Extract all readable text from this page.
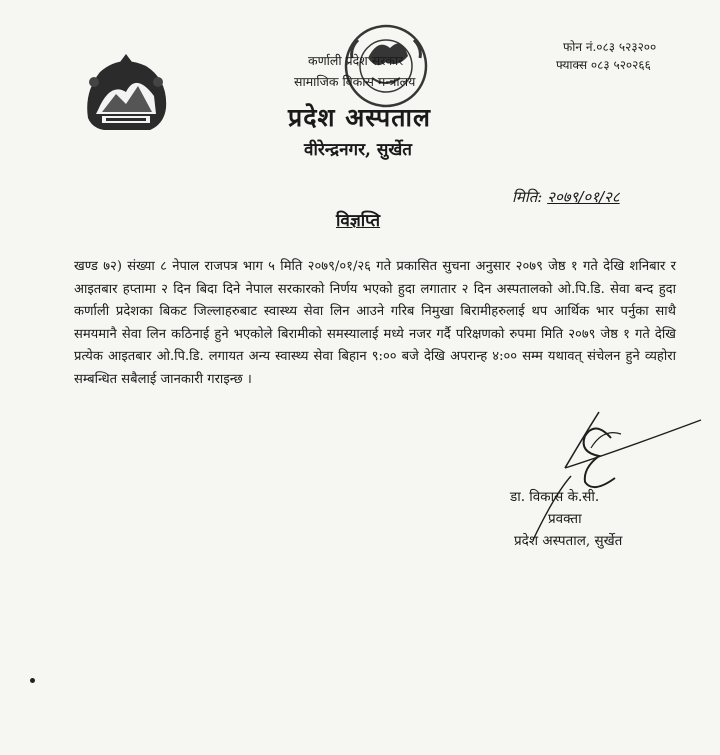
कर्णाली प्रदेश सरकार
सामाजिक विकास मन्त्रालय
फोन नं.०८३ ५२३२००
फ्याक्स ०८३ ५२०२६६
प्रदेश अस्पताल
वीरेन्द्रनगर, सुर्खेत
मिति: २०७९/०१/२८
विज्ञप्ति
खण्ड ७२) संख्या ८ नेपाल राजपत्र भाग ५ मिति २०७९/०१/२६ गते प्रकासित सुचना अनुसार २०७९ जेष्ठ १ गते देखि शनिबार र आइतबार हप्तामा २ दिन बिदा दिने नेपाल सरकारको निर्णय भएको हुदा लगातार २ दिन अस्पतालको ओ.पि.डि. सेवा बन्द हुदा कर्णाली प्रदेशका बिकट जिल्लाहरुबाट स्वास्थ्य सेवा लिन आउने गरिब निमुखा बिरामीहरुलाई थप आर्थिक भार पर्नुका साथै समयमानै सेवा लिन कठिनाई हुने भएकोले बिरामीको समस्यालाई मध्ये नजर गर्दै परिक्षणको रुपमा मिति २०७९ जेष्ठ १ गते देखि प्रत्येक आइतबार ओ.पि.डि. लगायत अन्य स्वास्थ्य सेवा बिहान ९:०० बजे देखि अपरान्ह ४:०० सम्म यथावत् संचेलन हुने व्यहोरा सम्बन्धित सबैलाई जानकारी गराइन्छ ।
डा. विकास के.सी.
प्रवक्ता
प्रदेश अस्पताल, सुर्खेत
